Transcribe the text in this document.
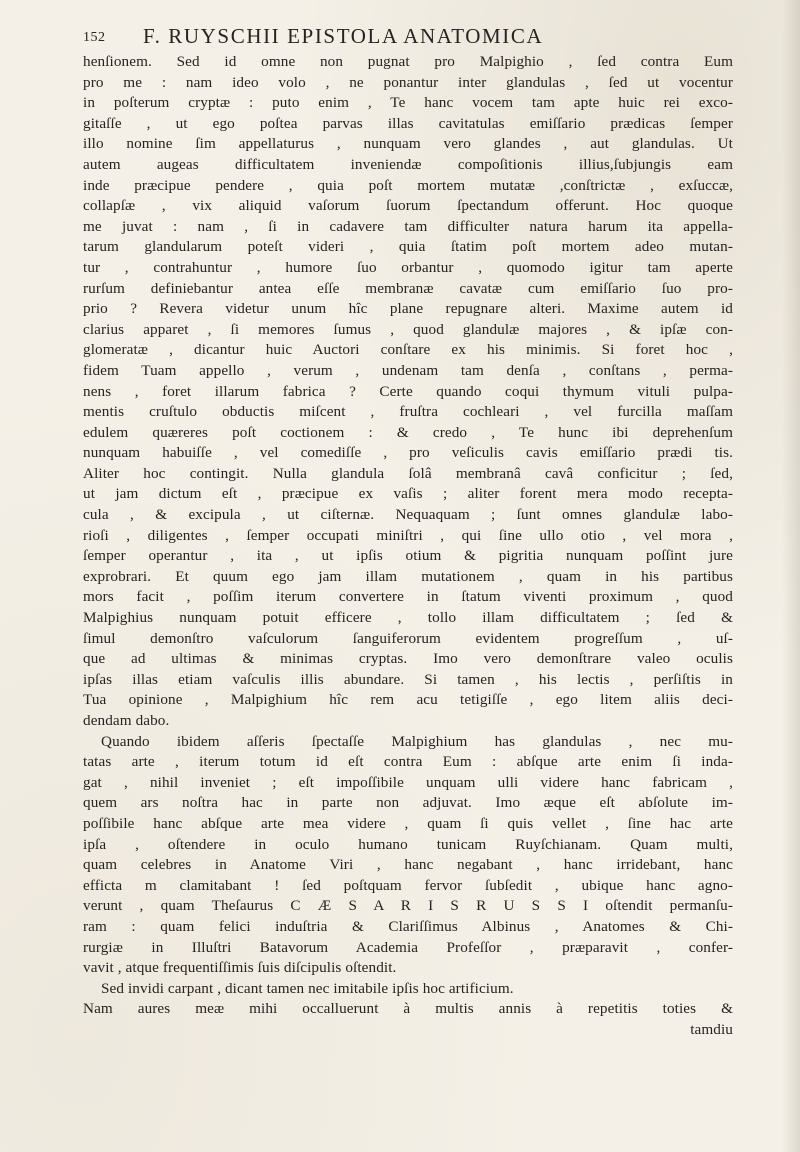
152 F. RUYSCHII EPISTOLA ANATOMICA
henſionem. Sed id omne non pugnat pro Malpighio , ſed contra Eum
pro me : nam ideo volo , ne ponantur inter glandulas , ſed ut vocentur
in poſterum cryptæ : puto enim , Te hanc vocem tam apte huic rei exco-
gitaſſe , ut ego poſtea parvas illas cavitatulas emiſſario prædicas ſemper
illo nomine ſim appellaturus , nunquam vero glandes , aut glandulas. Ut
autem augeas difficultatem inveniendæ compoſitionis illius,ſubjungis eam
inde præcipue pendere , quia poſt mortem mutatæ ,conſtrictæ , exſuccæ,
collapſæ , vix aliquid vaſorum ſuorum ſpectandum offerunt. Hoc quoque
me juvat : nam , ſi in cadavere tam difficulter natura harum ita appella-
tarum glandularum poteſt videri , quia ſtatim poſt mortem adeo mutan-
tur , contrahuntur , humore ſuo orbantur , quomodo igitur tam aperte
rurſum definiebantur antea eſſe membranæ cavatæ cum emiſſario ſuo pro-
prio ? Revera videtur unum hîc plane repugnare alteri. Maxime autem id
clarius apparet , ſi memores ſumus , quod glandulæ majores , & ipſæ con-
glomeratæ , dicantur huic Auctori conſtare ex his minimis. Si foret hoc ,
fidem Tuam appello , verum , undenam tam denſa , conſtans , perma-
nens , foret illarum fabrica ? Certe quando coqui thymum vituli pulpa-
mentis cruſtulo obductis miſcent , fruſtra cochleari , vel furcilla maſſam
edulem quæreres poſt coctionem : & credo , Te hunc ibi deprehenſum
nunquam habuiſſe , vel comediſſe , pro veſiculis cavis emiſſario prædi tis.
Aliter hoc contingit. Nulla glandula ſolâ membranâ cavâ conficitur ; ſed,
ut jam dictum eſt , præcipue ex vaſis ; aliter forent mera modo recepta-
cula , & excipula , ut ciſternæ. Nequaquam ; ſunt omnes glandulæ labo-
rioſi , diligentes , ſemper occupati miniſtri , qui ſine ullo otio , vel mora ,
ſemper operantur , ita , ut ipſis otium & pigritia nunquam poſſint jure
exprobrari. Et quum ego jam illam mutationem , quam in his partibus
mors facit , poſſim iterum convertere in ſtatum viventi proximum , quod
Malpighius nunquam potuit efficere , tollo illam difficultatem ; ſed &
ſimul demonſtro vaſculorum ſanguiferorum evidentem progreſſum , uſ-
que ad ultimas & minimas cryptas. Imo vero demonſtrare valeo oculis
ipſas illas etiam vaſculis illis abundare. Si tamen , his lectis , perſiſtis in
Tua opinione , Malpighium hîc rem acu tetigiſſe , ego litem aliis deci-
dendam dabo.
Quando ibidem aſſeris ſpectaſſe Malpighium has glandulas , nec mu-
tatas arte , iterum totum id eſt contra Eum : abſque arte enim ſi inda-
gat , nihil inveniet ; eſt impoſſibile unquam ulli videre hanc fabricam ,
quem ars noſtra hac in parte non adjuvat. Imo æque eſt abſolute im-
poſſibile hanc abſque arte mea videre , quam ſi quis vellet , ſine hac arte
ipſa , oſtendere in oculo humano tunicam Ruyſchianam. Quam multi,
quam celebres in Anatome Viri , hanc negabant , hanc irridebant, hanc
efficta m clamitabant ! ſed poſtquam fervor ſubſedit , ubique hanc agno-
verunt , quam Theſaurus C Æ S A R I S R U S S I oſtendit permanſu-
ram : quam felici induſtria & Clariſſimus Albinus , Anatomes & Chi-
rurgiæ in Illuſtri Batavorum Academia Profeſſor , præparavit , confer-
vavit , atque frequentiſſimis ſuis diſcipulis oſtendit.
Sed invidi carpant , dicant tamen nec imitabile ipſis hoc artificium.
Nam aures meæ mihi occalluerunt à multis annis à repetitis toties &
tamdiu
